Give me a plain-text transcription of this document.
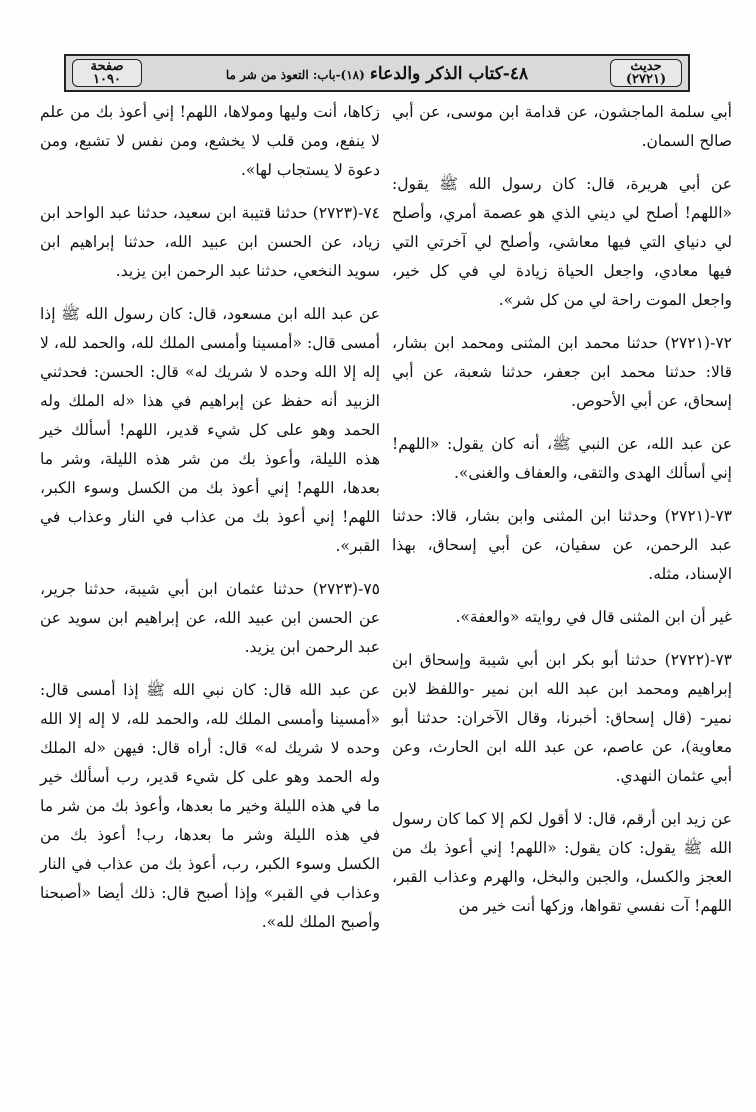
حديث
(٢٧٢١)
٤٨-كتاب الذكر والدعاء (١٨)-باب: التعوذ من شر ما
صفحة
١٠٩٠

أبي سلمة الماجشون، عن قدامة ابن موسى، عن أبي صالح السمان.

عن أبي هريرة، قال: كان رسول الله ﷺ يقول: «اللهم! أصلح لي ديني الذي هو عصمة أمري، وأصلح لي دنياي التي فيها معاشي، وأصلح لي آخرتي التي فيها معادي، واجعل الحياة زيادة لي في كل خير، واجعل الموت راحة لي من كل شر».

٧٢-(٢٧٢١) حدثنا محمد ابن المثنى ومحمد ابن بشار، قالا: حدثنا محمد ابن جعفر، حدثنا شعبة، عن أبي إسحاق، عن أبي الأحوص.

عن عبد الله، عن النبي ﷺ، أنه كان يقول: «اللهم! إني أسألك الهدى والتقى، والعفاف والغنى».

٧٣-(٢٧٢١) وحدثنا ابن المثنى وابن بشار، قالا: حدثنا عبد الرحمن، عن سفيان، عن أبي إسحاق، بهذا الإسناد، مثله.

غير أن ابن المثنى قال في روايته «والعفة».

٧٣-(٢٧٢٢) حدثنا أبو بكر ابن أبي شيبة وإسحاق ابن إبراهيم ومحمد ابن عبد الله ابن نمير -واللفظ لابن نمير- (قال إسحاق: أخبرنا، وقال الآخران: حدثنا أبو معاوية)، عن عاصم، عن عبد الله ابن الحارث، وعن أبي عثمان النهدي.

عن زيد ابن أرقم، قال: لا أقول لكم إلا كما كان رسول الله ﷺ يقول: كان يقول: «اللهم! إني أعوذ بك من العجز والكسل، والجبن والبخل، والهرم وعذاب القبر، اللهم! آت نفسي تقواها، وزكها أنت خير من

زكاها، أنت وليها ومولاها، اللهم! إني أعوذ بك من علم لا ينفع، ومن قلب لا يخشع، ومن نفس لا تشبع، ومن دعوة لا يستجاب لها».

٧٤-(٢٧٢٣) حدثنا قتيبة ابن سعيد، حدثنا عبد الواحد ابن زياد، عن الحسن ابن عبيد الله، حدثنا إبراهيم ابن سويد النخعي، حدثنا عبد الرحمن ابن يزيد.

عن عبد الله ابن مسعود، قال: كان رسول الله ﷺ إذا أمسى قال: «أمسينا وأمسى الملك لله، والحمد لله، لا إله إلا الله وحده لا شريك له» قال: الحسن: فحدثني الزبيد أنه حفظ عن إبراهيم في هذا «له الملك وله الحمد وهو على كل شيء قدير، اللهم! أسألك خير هذه الليلة، وأعوذ بك من شر هذه الليلة، وشر ما بعدها، اللهم! إني أعوذ بك من الكسل وسوء الكبر، اللهم! إني أعوذ بك من عذاب في النار وعذاب في القبر».

٧٥-(٢٧٢٣) حدثنا عثمان ابن أبي شيبة، حدثنا جرير، عن الحسن ابن عبيد الله، عن إبراهيم ابن سويد عن عبد الرحمن ابن يزيد.

عن عبد الله قال: كان نبي الله ﷺ إذا أمسى قال: «أمسينا وأمسى الملك لله، والحمد لله، لا إله إلا الله وحده لا شريك له» قال: أراه قال: فيهن «له الملك وله الحمد وهو على كل شيء قدير، رب أسألك خير ما في هذه الليلة وخير ما بعدها، وأعوذ بك من شر ما في هذه الليلة وشر ما بعدها، رب! أعوذ بك من الكسل وسوء الكبر، رب، أعوذ بك من عذاب في النار وعذاب في القبر» وإذا أصبح قال: ذلك أيضا «أصبحنا وأصبح الملك لله».
